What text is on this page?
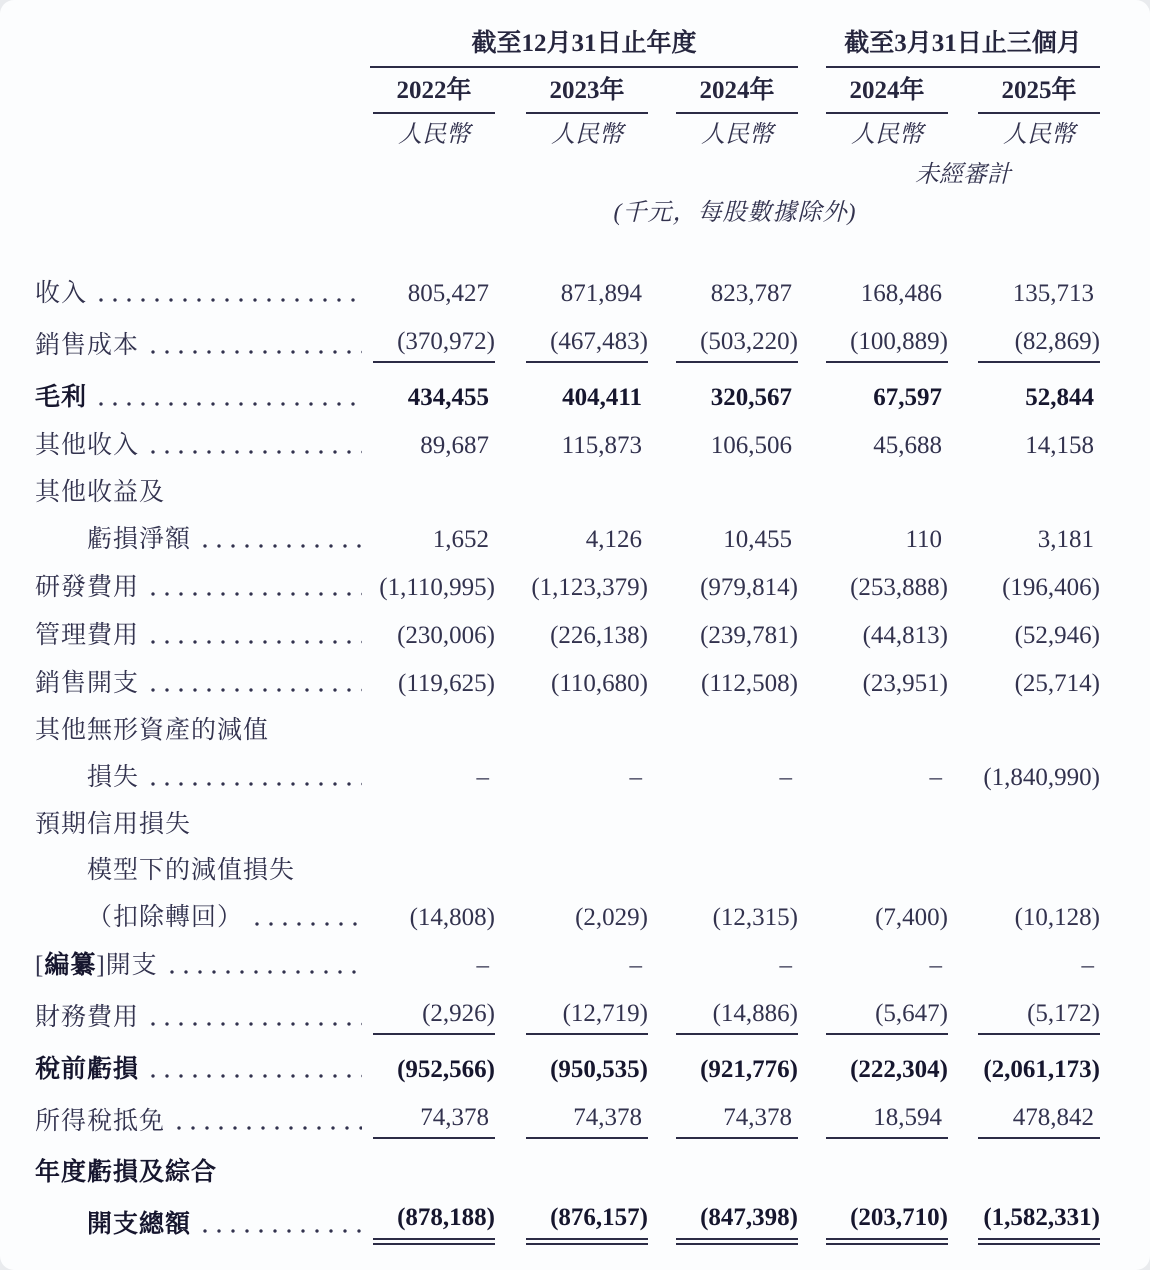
	截至12月31日止年度			截至3月31日止三個月	

	2022年	2023年	2024年	2024年	2025年

	人民幣	人民幣	人民幣	人民幣	人民幣

				未經審計	

	(千元，每股數據除外)				

收入	805,427	871,894	823,787	168,486	135,713

銷售成本	(370,972)	(467,483)	(503,220)	(100,889)	(82,869)

毛利	434,455	404,411	320,567	67,597	52,844

其他收入	89,687	115,873	106,506	45,688	14,158

其他收益及					

虧損淨額	1,652	4,126	10,455	110	3,181

研發費用	(1,110,995)	(1,123,379)	(979,814)	(253,888)	(196,406)

管理費用	(230,006)	(226,138)	(239,781)	(44,813)	(52,946)

銷售開支	(119,625)	(110,680)	(112,508)	(23,951)	(25,714)

其他無形資產的減值					

損失	–	–	–	–	(1,840,990)

預期信用損失					

模型下的減值損失					

（扣除轉回）	(14,808)	(2,029)	(12,315)	(7,400)	(10,128)

[ 編纂 ]開支	–	–	–	–	–

財務費用	(2,926)	(12,719)	(14,886)	(5,647)	(5,172)

稅前虧損	(952,566)	(950,535)	(921,776)	(222,304)	(2,061,173)

所得稅抵免	74,378	74,378	74,378	18,594	478,842

年度虧損及綜合					

開支總額	(878,188)	(876,157)	(847,398)	(203,710)	(1,582,331)
